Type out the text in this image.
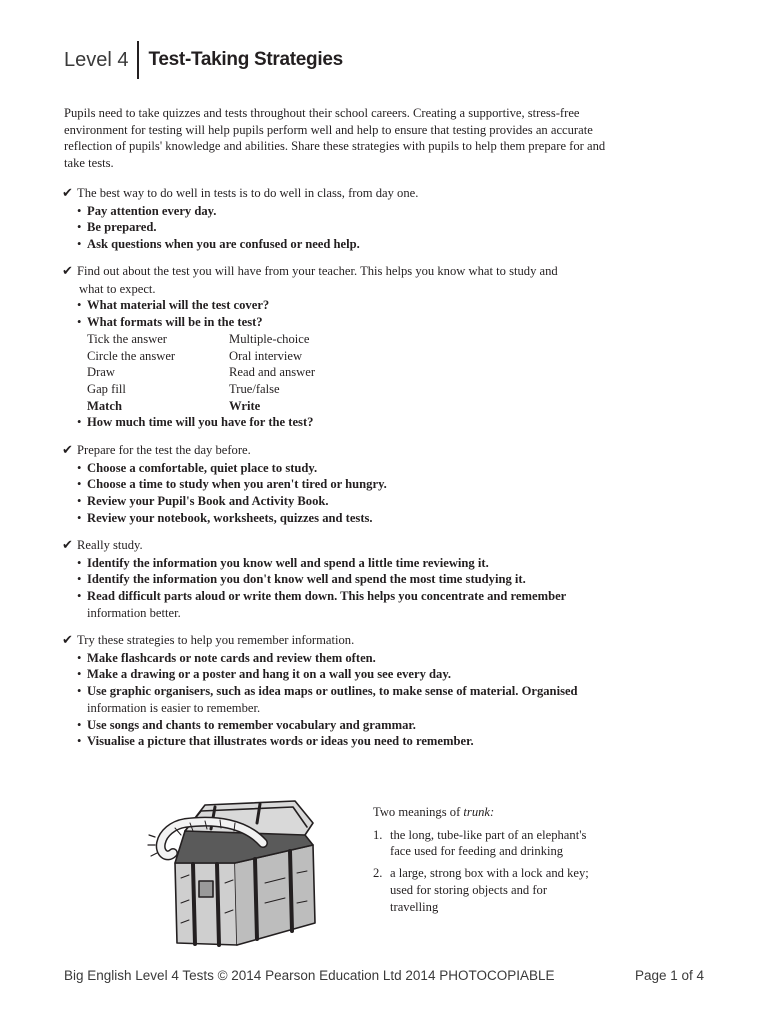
Level 4 Test-Taking Strategies

Pupils need to take quizzes and tests throughout their school careers. Creating a supportive, stress-free environment for testing will help pupils perform well and help to ensure that testing provides an accurate reflection of pupils' knowledge and abilities. Share these strategies with pupils to help them prepare for and take tests.

✔ The best way to do well in tests is to do well in class, from day one.

• Pay attention every day.
• Be prepared.
• Ask questions when you are confused or need help.

✔ Find out about the test you will have from your teacher. This helps you know what to study and

what to expect.

• What material will the test cover?
• What formats will be in the test?
Tick the answer	Multiple-choice
Circle the answer	Oral interview
Draw	Read and answer
Gap fill	True/false
Match	Write
• How much time will you have for the test?

✔ Prepare for the test the day before.

• Choose a comfortable, quiet place to study.
• Choose a time to study when you aren't tired or hungry.
• Review your Pupil's Book and Activity Book.
• Review your notebook, worksheets, quizzes and tests.

✔ Really study.

• Identify the information you know well and spend a little time reviewing it.
• Identify the information you don't know well and spend the most time studying it.
• Read difficult parts aloud or write them down. This helps you concentrate and remember
information better.

✔ Try these strategies to help you remember information.

• Make flashcards or note cards and review them often.
• Make a drawing or a poster and hang it on a wall you see every day.
• Use graphic organisers, such as idea maps or outlines, to make sense of material. Organised
information is easier to remember.
• Use songs and chants to remember vocabulary and grammar.
• Visualise a picture that illustrates words or ideas you need to remember.

Two meanings of trunk:

1. the long, tube-like part of an elephant's face used for feeding and drinking
2. a large, strong box with a lock and key; used for storing objects and for travelling
Big English Level 4 Tests © 2014 Pearson Education Ltd 2014 PHOTOCOPIABLE	Page 1 of 4
